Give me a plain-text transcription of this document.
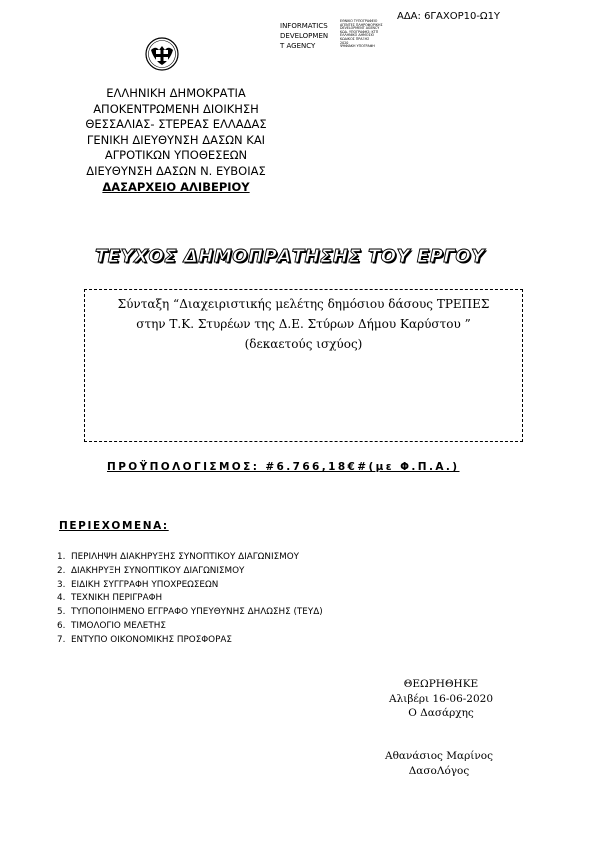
ΑΔΑ: 6ΓΑΧΟΡ10-Ω1Υ
INFORMATICS
DEVELOPMEN
T AGENCY
ΕΘΝΙΚΟ ΤΥΠΟΓΡΑΦΕΙΟ
ΑΓΕΝΤΕΣ ΠΛΗΡΟΦΟΡΙΚΗΣ
DEVELOPMENT AGENCY
ΚΩΔ. ΥΠΟΓΡΑΦΗΣ: ΚΤΠ
ΕΛΛΗΝΙΚΟ ΔΗΜΟΣΙΟ
ΚΩΔΙΚΟΣ ΠΡΑΞΗΣ
2020
ΨΗΦΙΑΚΗ ΥΠΟΓΡΑΦΗ
ΕΛΛΗΝΙΚΗ ΔΗΜΟΚΡΑΤΙΑ
ΑΠΟΚΕΝΤΡΩΜΕΝΗ ΔΙΟΙΚΗΣΗ
ΘΕΣΣΑΛΙΑΣ- ΣΤΕΡΕΑΣ ΕΛΛΑΔΑΣ
ΓΕΝΙΚΗ ΔΙΕΥΘΥΝΣΗ ΔΑΣΩΝ ΚΑΙ
ΑΓΡΟΤΙΚΩΝ ΥΠΟΘΕΣΕΩΝ
ΔΙΕΥΘΥΝΣΗ ΔΑΣΩΝ Ν. ΕΥΒΟΙΑΣ
ΔΑΣΑΡΧΕΙΟ ΑΛΙΒΕΡΙΟΥ
ΤΕΥΧΟΣ ΔΗΜΟΠΡΑΤΗΣΗΣ ΤΟΥ ΕΡΓΟΥ
Σύνταξη “Διαχειριστικής μελέτης δημόσιου δάσους ΤΡΕΠΕΣ
στην Τ.Κ. Στυρέων της Δ.Ε. Στύρων Δήμου Καρύστου ”
(δεκαετούς ισχύος)
ΠΡΟΫΠΟΛΟΓΙΣΜΟΣ: #6.766,18€#(με Φ.Π.Α.)
ΠΕΡΙΕΧΟΜΕΝΑ:
1. ΠΕΡΙΛΗΨΗ ΔΙΑΚΗΡΥΞΗΣ ΣΥΝΟΠΤΙΚΟΥ ΔΙΑΓΩΝΙΣΜΟΥ
2. ΔΙΑΚΗΡΥΞΗ ΣΥΝΟΠΤΙΚΟΥ ΔΙΑΓΩΝΙΣΜΟΥ
3. ΕΙΔΙΚΗ ΣΥΓΓΡΑΦΗ ΥΠΟΧΡΕΩΣΕΩΝ
4. ΤΕΧΝΙΚΗ ΠΕΡΙΓΡΑΦΗ
5. ΤΥΠΟΠΟΙΗΜΕΝΟ ΕΓΓΡΑΦΟ ΥΠΕΥΘΥΝΗΣ ΔΗΛΩΣΗΣ (ΤΕΥΔ)
6. ΤΙΜΟΛΟΓΙΟ ΜΕΛΕΤΗΣ
7. ΕΝΤΥΠΟ ΟΙΚΟΝΟΜΙΚΗΣ ΠΡΟΣΦΟΡΑΣ
ΘΕΩΡΗΘΗΚΕ
Αλιβέρι 16-06-2020
Ο Δασάρχης
Αθανάσιος Μαρίνος
ΔασοΛόγος
